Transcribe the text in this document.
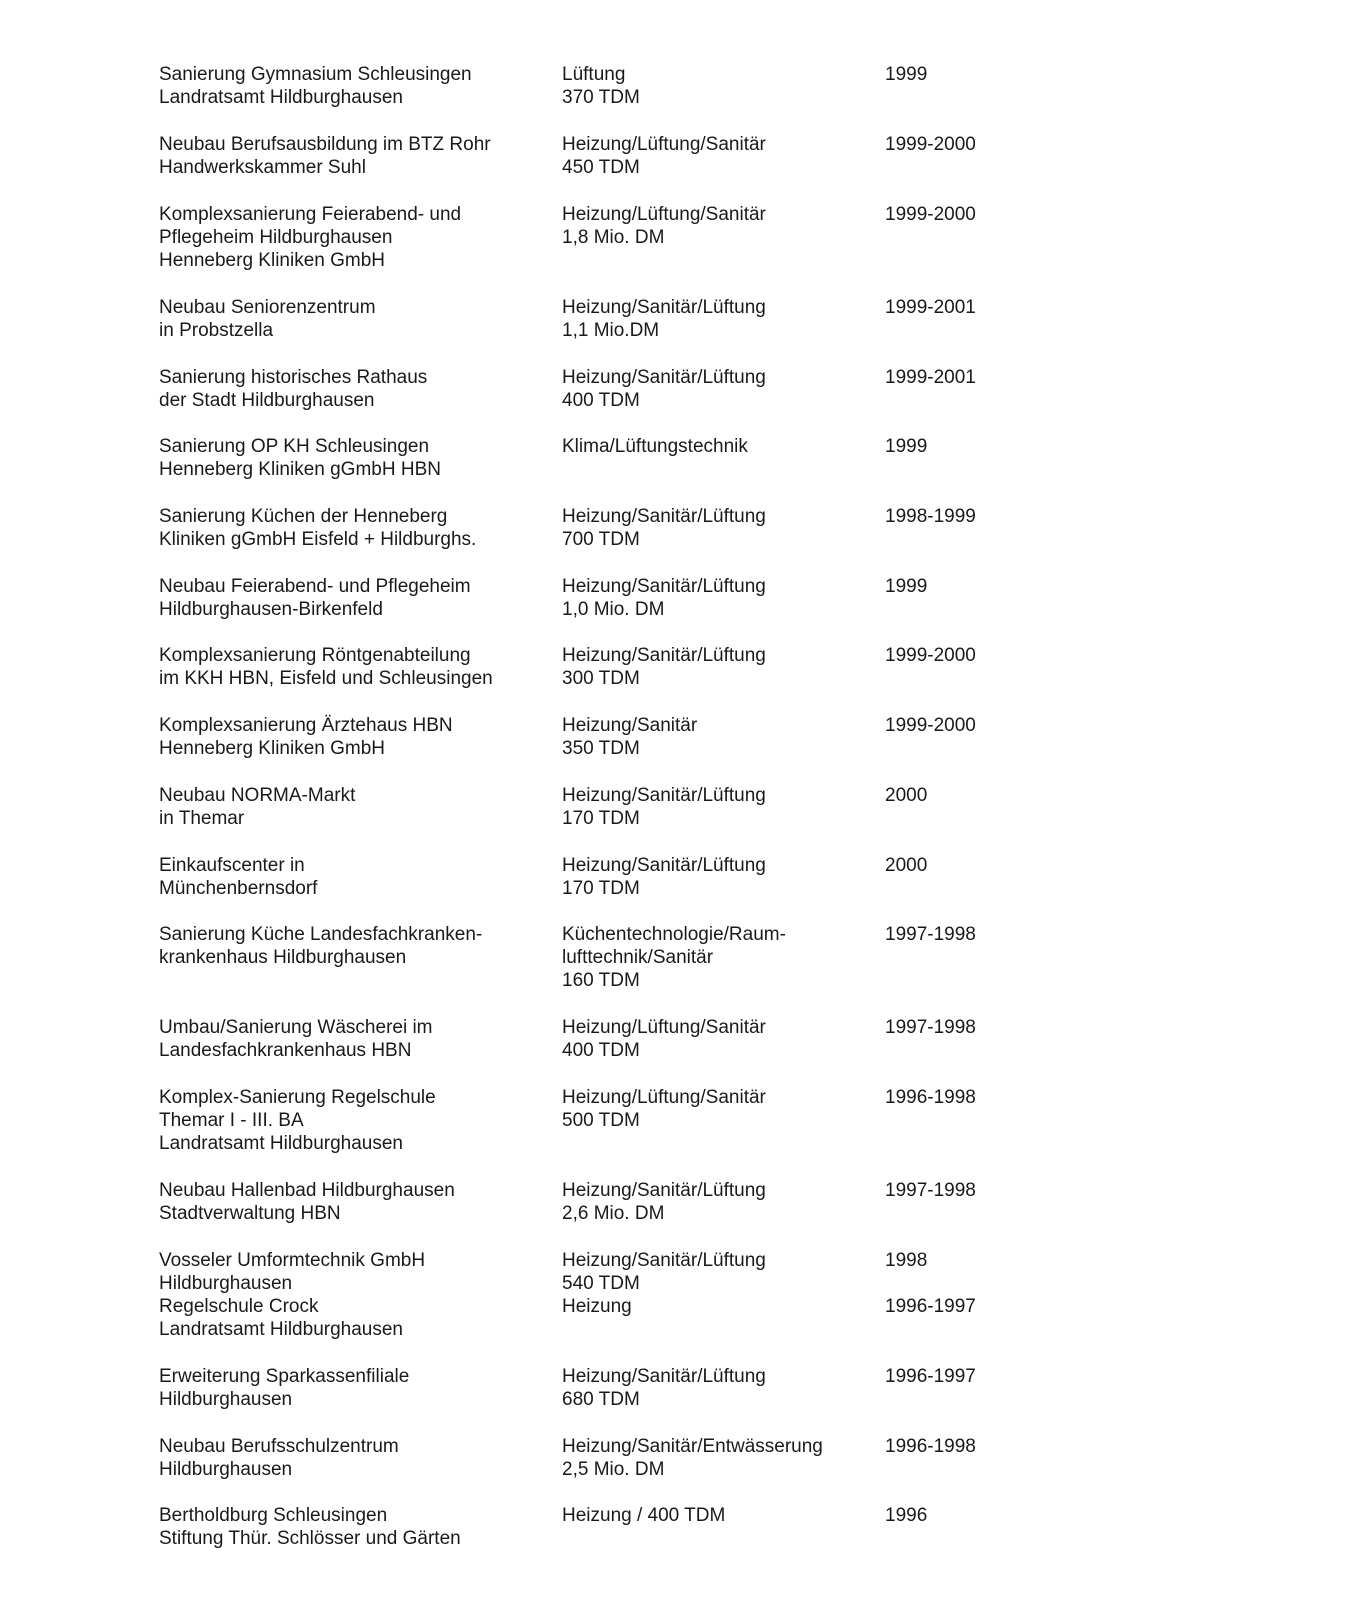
Sanierung Gymnasium Schleusingen
Landratsamt Hildburghausen
Lüftung
370 TDM
1999
Neubau Berufsausbildung im BTZ Rohr
Handwerkskammer Suhl
Heizung/Lüftung/Sanitär
450 TDM
1999-2000
Komplexsanierung Feierabend- und
Pflegeheim Hildburghausen
Henneberg Kliniken GmbH
Heizung/Lüftung/Sanitär
1,8 Mio. DM
1999-2000
Neubau Seniorenzentrum
in Probstzella
Heizung/Sanitär/Lüftung
1,1 Mio.DM
1999-2001
Sanierung historisches Rathaus
der Stadt Hildburghausen
Heizung/Sanitär/Lüftung
400 TDM
1999-2001
Sanierung OP KH Schleusingen
Henneberg Kliniken gGmbH HBN
Klima/Lüftungstechnik	1999
Sanierung Küchen der Henneberg
Kliniken gGmbH Eisfeld + Hildburghs.
Heizung/Sanitär/Lüftung
700 TDM
1998-1999
Neubau Feierabend- und Pflegeheim
Hildburghausen-Birkenfeld
Heizung/Sanitär/Lüftung
1,0 Mio. DM
1999
Komplexsanierung Röntgenabteilung
im KKH HBN, Eisfeld und Schleusingen
Heizung/Sanitär/Lüftung
300 TDM
1999-2000
Komplexsanierung Ärztehaus HBN
Henneberg Kliniken GmbH
Heizung/Sanitär
350 TDM
1999-2000
Neubau NORMA-Markt
in Themar
Heizung/Sanitär/Lüftung
170 TDM
2000
Einkaufscenter in
Münchenbernsdorf
Heizung/Sanitär/Lüftung
170 TDM
2000
Sanierung Küche Landesfachkranken-
krankenhaus Hildburghausen
Küchentechnologie/Raum-
lufttechnik/Sanitär
160 TDM
1997-1998
Umbau/Sanierung Wäscherei im
Landesfachkrankenhaus HBN
Heizung/Lüftung/Sanitär
400 TDM
1997-1998
Komplex-Sanierung Regelschule
Themar I - III. BA
Landratsamt Hildburghausen
Heizung/Lüftung/Sanitär
500 TDM
1996-1998
Neubau Hallenbad Hildburghausen
Stadtverwaltung HBN
Heizung/Sanitär/Lüftung
2,6 Mio. DM
1997-1998
Vosseler Umformtechnik GmbH
Hildburghausen
Regelschule Crock
Landratsamt Hildburghausen
Heizung/Sanitär/Lüftung
540 TDM
Heizung
1998
1996-1997
Erweiterung Sparkassenfiliale
Hildburghausen
Heizung/Sanitär/Lüftung
680 TDM
1996-1997
Neubau Berufsschulzentrum
Hildburghausen
Heizung/Sanitär/Entwässerung
2,5 Mio. DM
1996-1998
Bertholdburg Schleusingen
Stiftung Thür. Schlösser und Gärten
Heizung / 400 TDM	1996
